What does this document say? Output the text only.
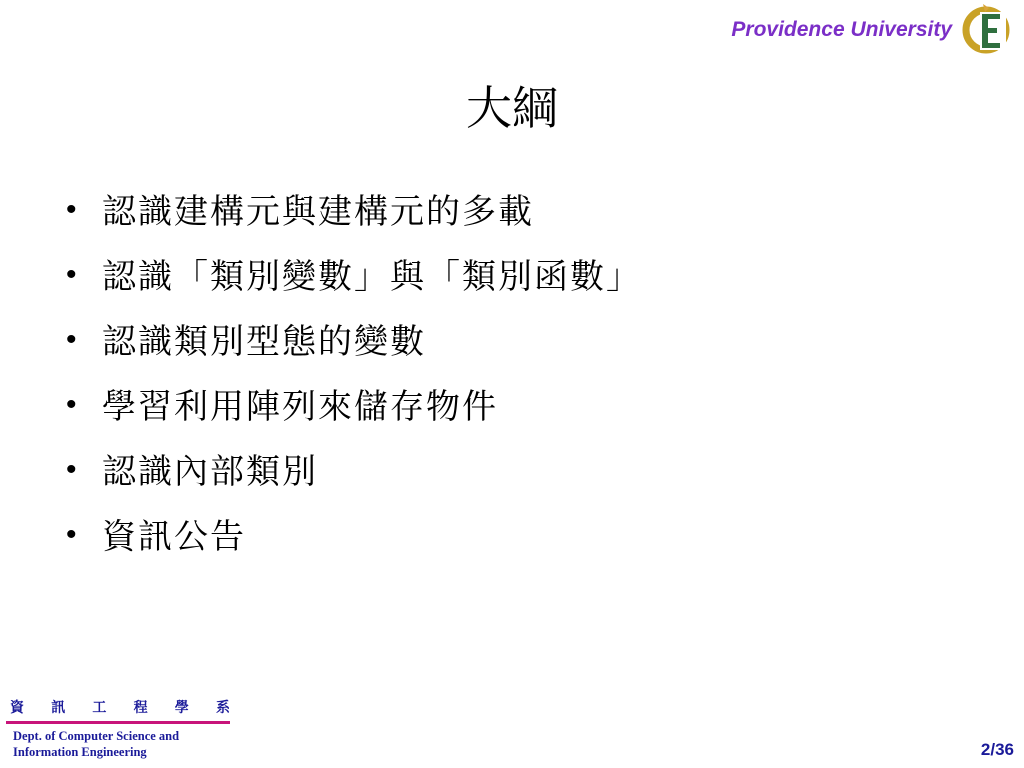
Providence University
大綱
• 認識建構元與建構元的多載
• 認識「類別變數」與「類別函數」
• 認識類別型態的變數
• 學習利用陣列來儲存物件
• 認識內部類別
• 資訊公告
資 訊 工 程 學 系
Dept. of Computer Science and
Information Engineering	2/36
